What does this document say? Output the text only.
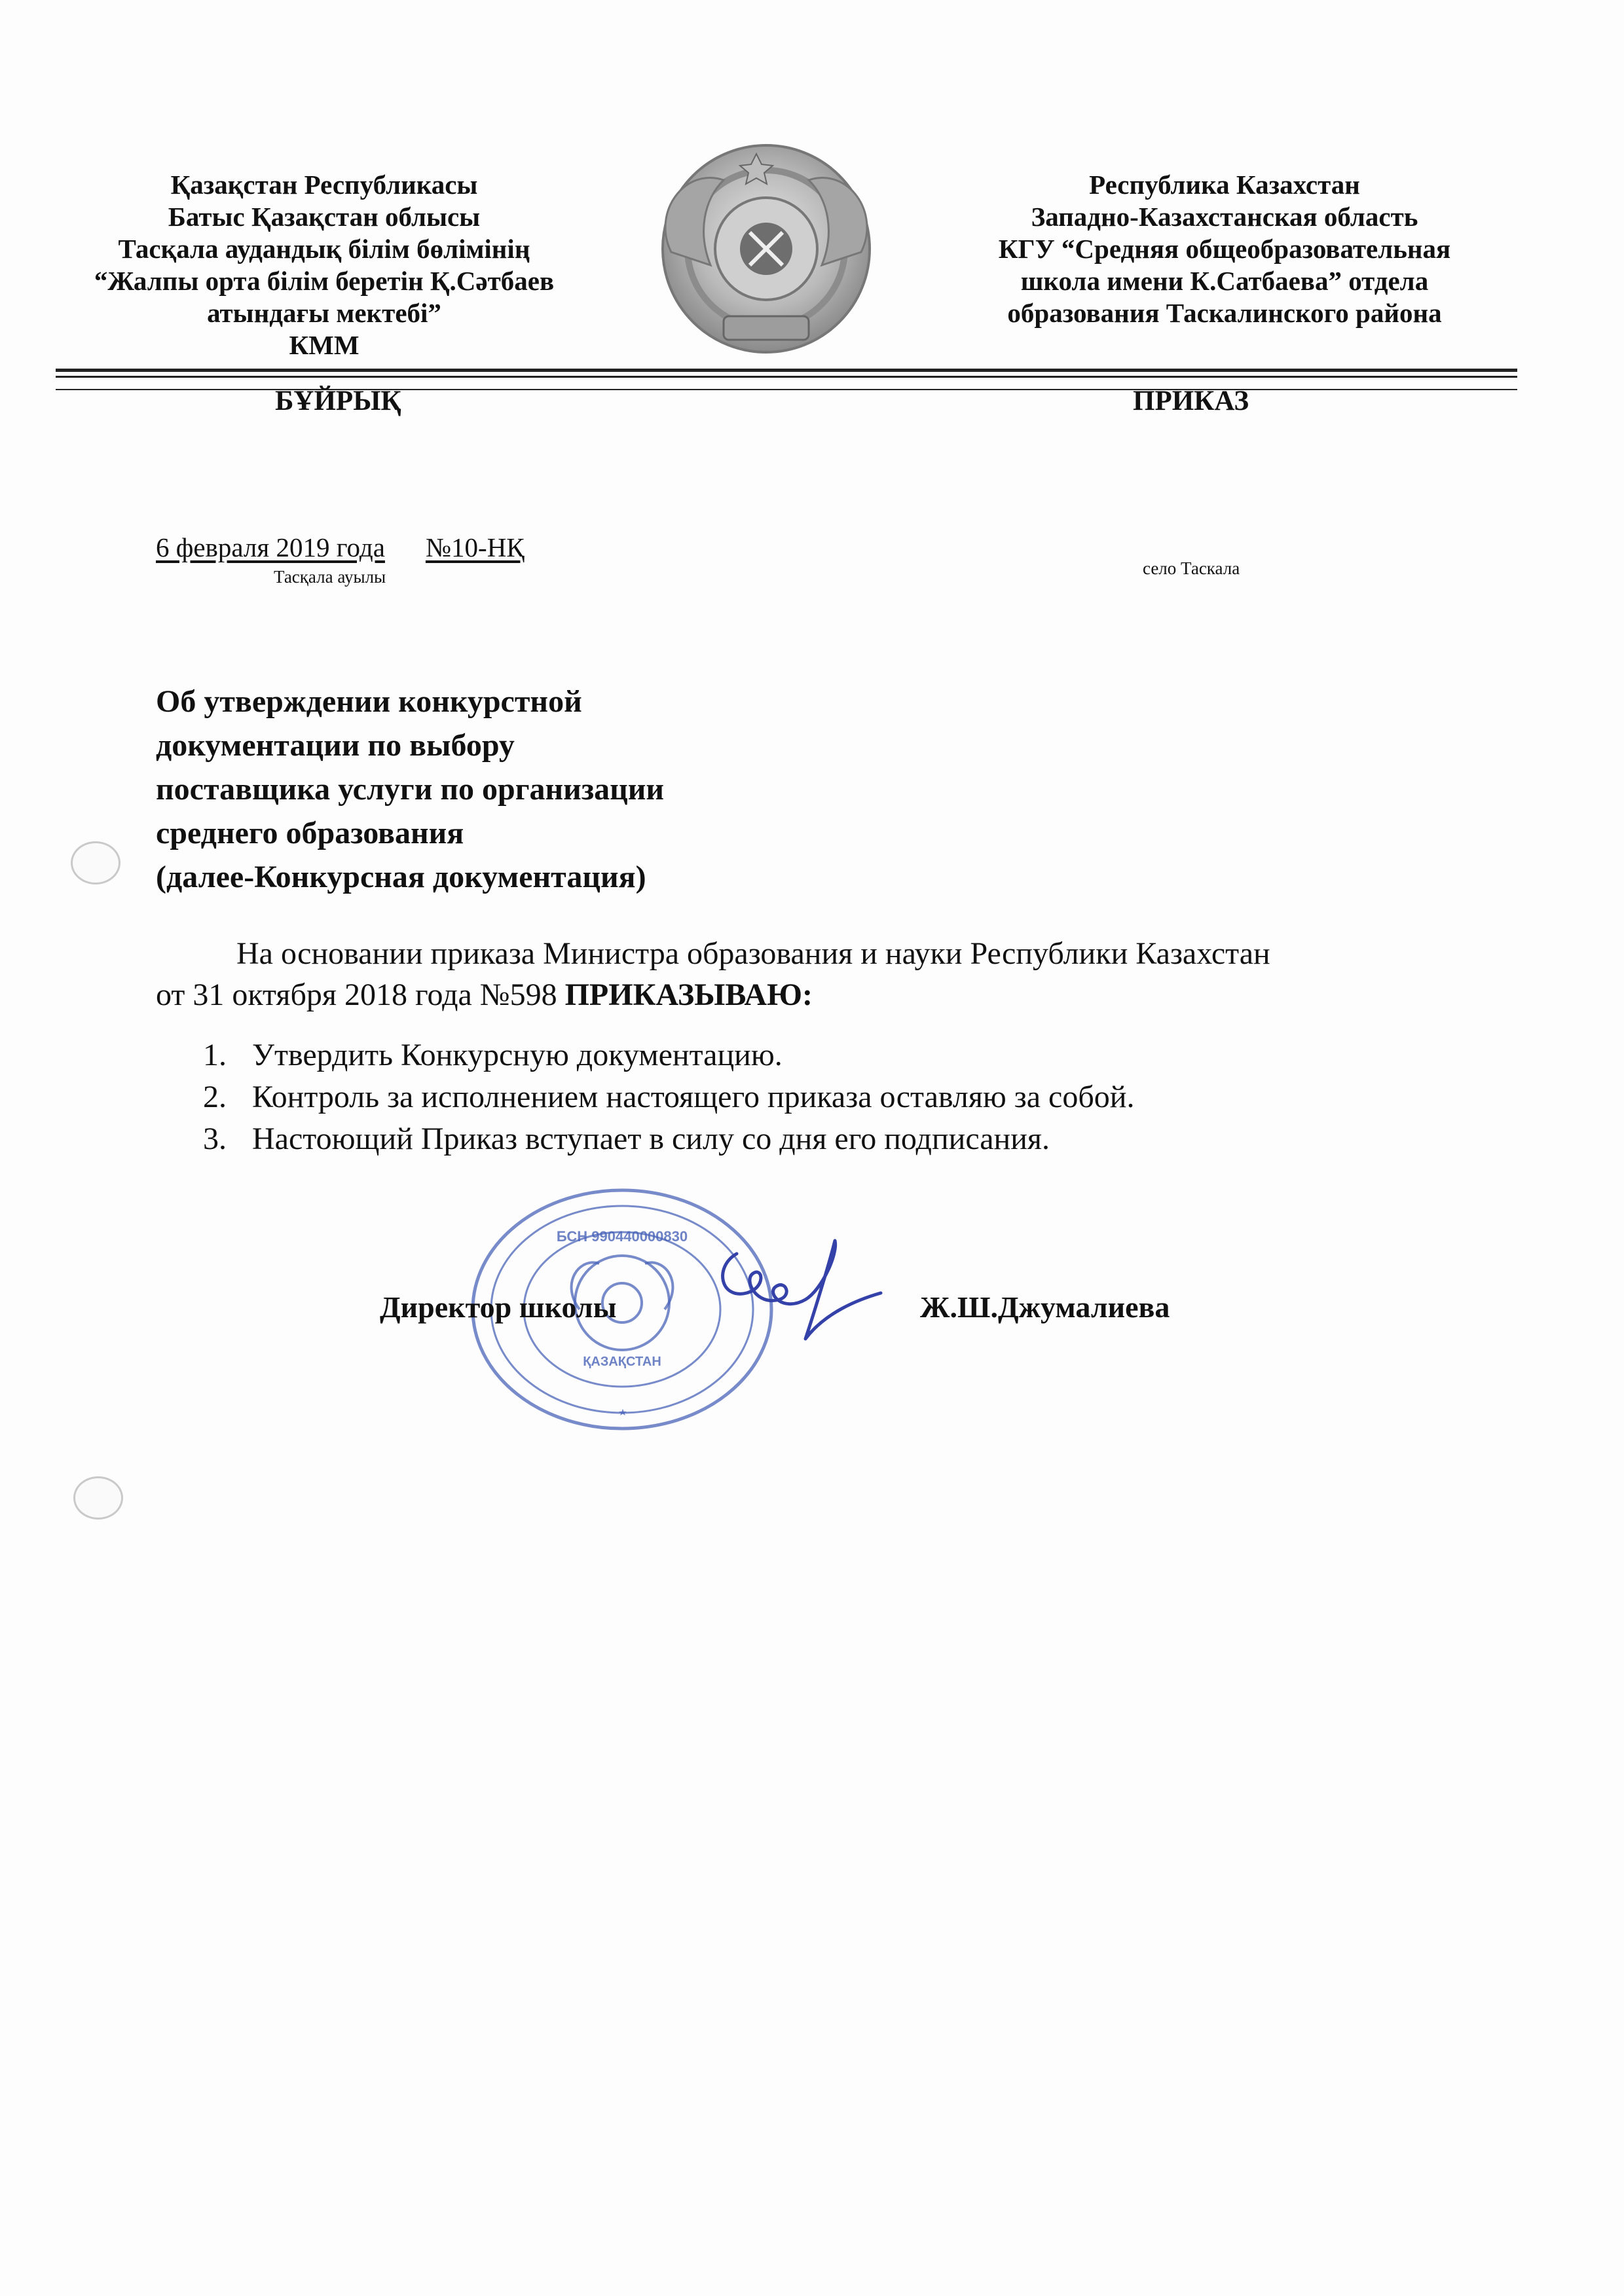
Қазақстан Республикасы
Батыс Қазақстан облысы
Тасқала аудандық білім бөлімінің
“Жалпы орта білім беретін Қ.Сәтбаев
атындағы мектебі”
КММ
Республика Казахстан
Западно-Казахстанская область
КГУ “Средняя общеобразовательная
школа имени К.Сатбаева” отдела
образования Таскалинского района
БҰЙРЫҚ	ПРИКАЗ
6 февраля 2019 года №10-НҚ
Тасқала ауылы	село Таскала
Об утверждении конкурстной
документации по выбору
поставщика услуги по организации
среднего образования
(далее-Конкурсная документация)
На основании приказа Министра образования и науки Республики Казахстан
от 31 октября 2018 года №598 ПРИКАЗЫВАЮ:
1. Утвердить Конкурсную документацию.
2. Контроль за исполнением настоящего приказа оставляю за собой.
3. Настоющий Приказ вступает в силу со дня его подписания.
ҚАЗАҚСТАН
БСН 990440000830
Директор школы	Ж.Ш.Джумалиева
